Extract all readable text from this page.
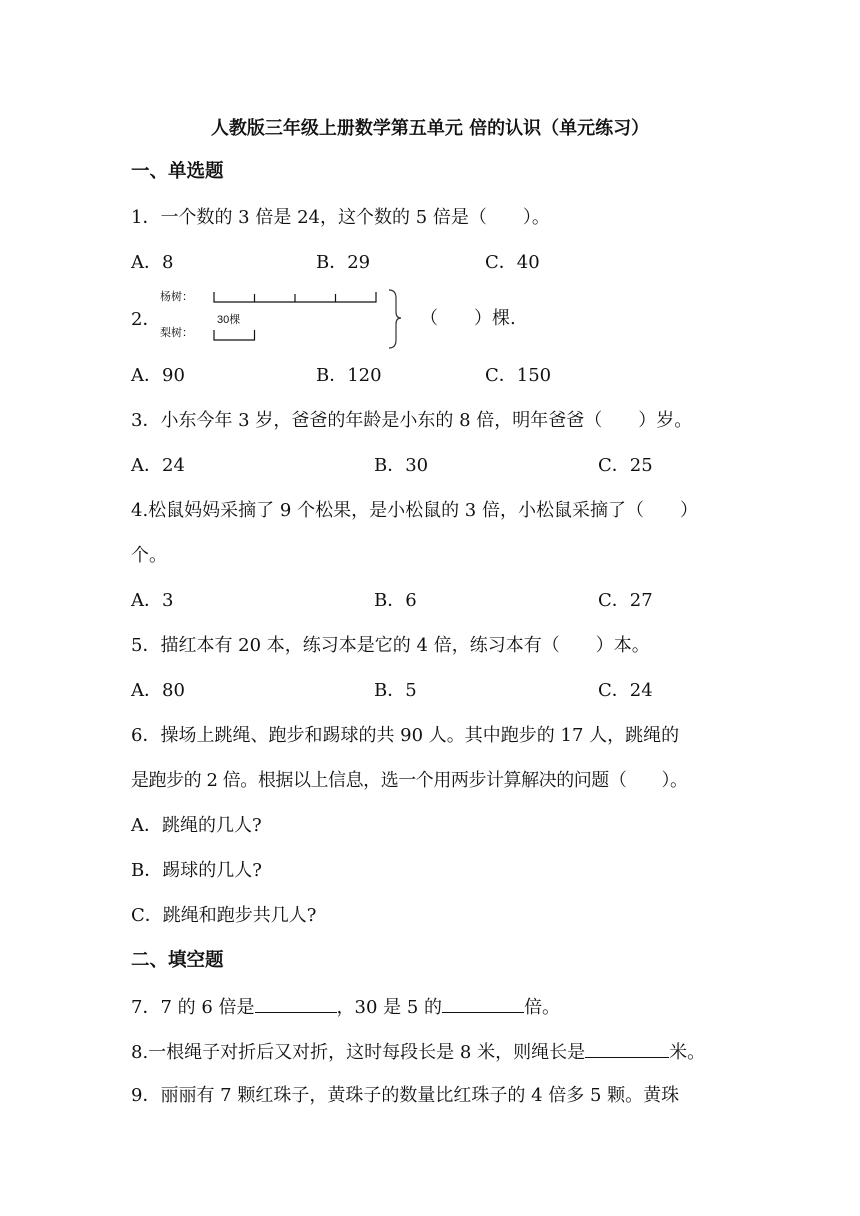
人教版三年级上册数学第五单元 倍的认识（单元练习）
一、单选题
1．一个数的 3 倍是 24，这个数的 5 倍是（　　）。
A．8	B．29	C．40
2．
杨树：
梨树：
30棵	（　　）棵.
A．90	B．120	C．150
3．小东今年 3 岁，爸爸的年龄是小东的 8 倍，明年爸爸（　　）岁。
A．24	B．30	C．25
4.松鼠妈妈采摘了 9 个松果，是小松鼠的 3 倍，小松鼠采摘了（　　）
个。
A．3	B．6	C．27
5．描红本有 20 本，练习本是它的 4 倍，练习本有（　　）本。
A．80	B．5	C．24
6．操场上跳绳、跑步和踢球的共 90 人。其中跑步的 17 人，跳绳的
是跑步的 2 倍。根据以上信息，选一个用两步计算解决的问题（　　）。
A．跳绳的几人?
B．踢球的几人?
C．跳绳和跑步共几人?
二、填空题
7．7 的 6 倍是	，30 是 5 的	倍。
8.一根绳子对折后又对折，这时每段长是 8 米，则绳长是	米。
9．丽丽有 7 颗红珠子，黄珠子的数量比红珠子的 4 倍多 5 颗。黄珠
